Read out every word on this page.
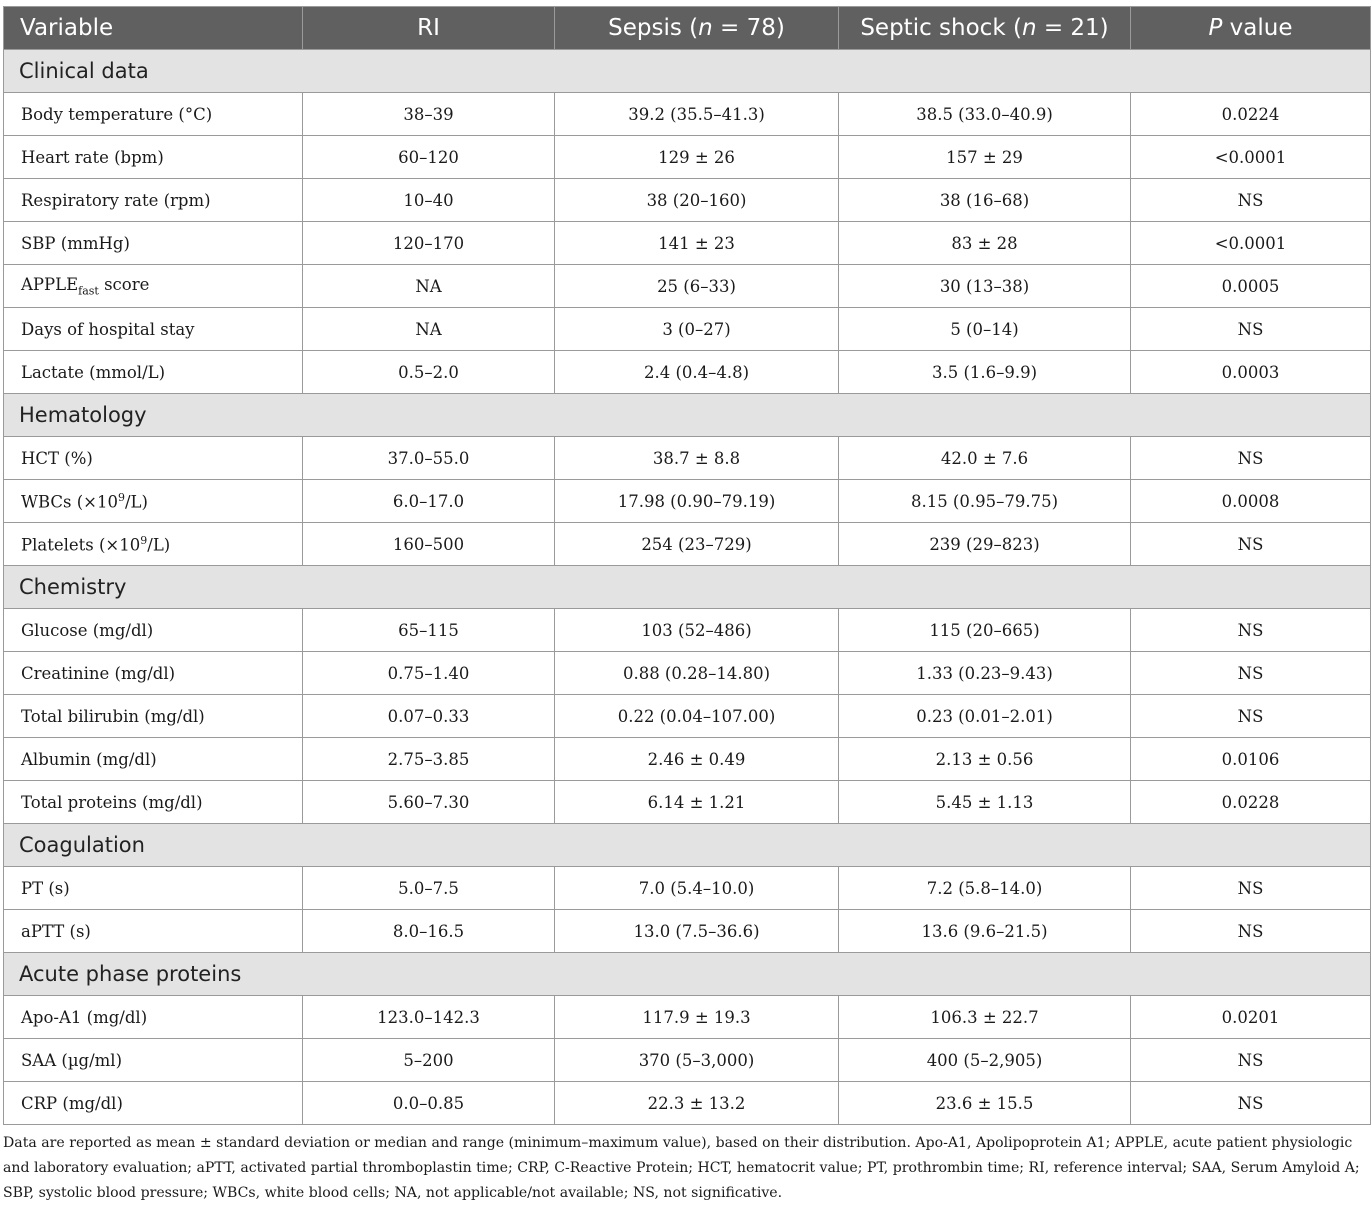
Variable	RI	Sepsis (n = 78)	Septic shock (n = 21)	P value
Clinical data				
Body temperature (°C)	38–39	39.2 (35.5–41.3)	38.5 (33.0–40.9)	0.0224
Heart rate (bpm)	60–120	129 ± 26	157 ± 29	<0.0001
Respiratory rate (rpm)	10–40	38 (20–160)	38 (16–68)	NS
SBP (mmHg)	120–170	141 ± 23	83 ± 28	<0.0001
$APPLE_{fast}$ score	NA	25 (6–33)	30 (13–38)	0.0005
Days of hospital stay	NA	3 (0–27)	5 (0–14)	NS
Lactate (mmol/L)	0.5–2.0	2.4 (0.4–4.8)	3.5 (1.6–9.9)	0.0003
Hematology				
HCT (%)	37.0–55.0	38.7 ± 8.8	42.0 ± 7.6	NS
WBCs $(\times 10^9/L)$	6.0–17.0	17.98 (0.90–79.19)	8.15 (0.95–79.75)	0.0008
Platelets $(\times 10^9/L)$	160–500	254 (23–729)	239 (29–823)	NS
Chemistry				
Glucose (mg/dl)	65–115	103 (52–486)	115 (20–665)	NS
Creatinine (mg/dl)	0.75–1.40	0.88 (0.28–14.80)	1.33 (0.23–9.43)	NS
Total bilirubin (mg/dl)	0.07–0.33	0.22 (0.04–107.00)	0.23 (0.01–2.01)	NS
Albumin (mg/dl)	2.75–3.85	2.46 ± 0.49	2.13 ± 0.56	0.0106
Total proteins (mg/dl)	5.60–7.30	6.14 ± 1.21	5.45 ± 1.13	0.0228
Coagulation				
PT (s)	5.0–7.5	7.0 (5.4–10.0)	7.2 (5.8–14.0)	NS
aPTT (s)	8.0–16.5	13.0 (7.5–36.6)	13.6 (9.6–21.5)	NS
Acute phase proteins				
Apo-A1 (mg/dl)	123.0–142.3	117.9 ± 19.3	106.3 ± 22.7	0.0201
SAA (µg/ml)	5–200	370 (5–3,000)	400 (5–2,905)	NS
CRP (mg/dl)	0.0–0.85	22.3 ± 13.2	23.6 ± 15.5	NS
Data are reported as mean ± standard deviation or median and range (minimum–maximum value), based on their distribution. Apo-A1, Apolipoprotein A1; APPLE, acute patient physiologic
and laboratory evaluation; aPTT, activated partial thromboplastin time; CRP, C-Reactive Protein; HCT, hematocrit value; PT, prothrombin time; RI, reference interval; SAA, Serum Amyloid A;
SBP, systolic blood pressure; WBCs, white blood cells; NA, not applicable/not available; NS, not significative.
